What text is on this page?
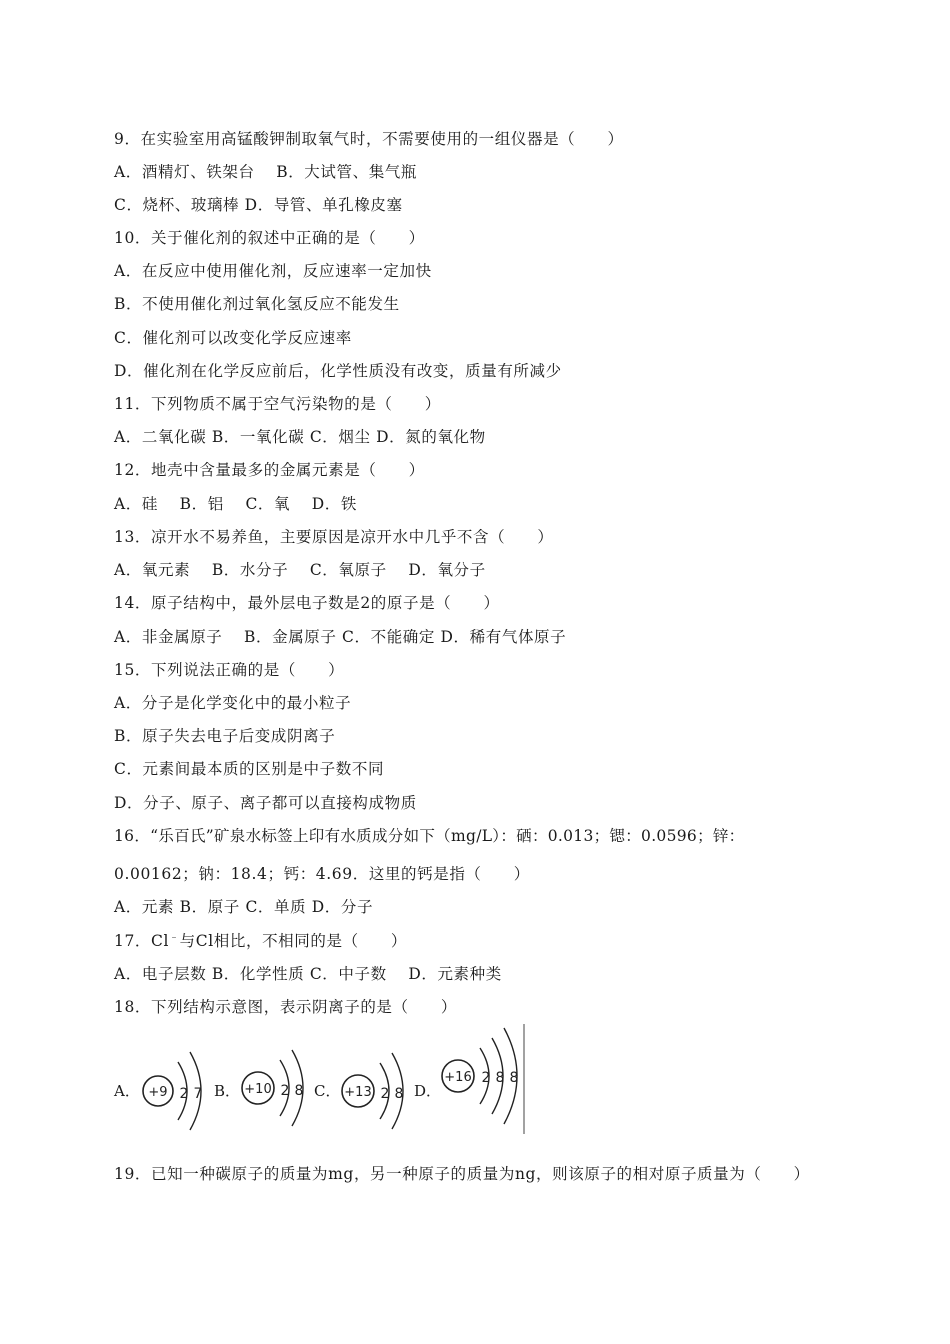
9．在实验室用高锰酸钾制取氧气时，不需要使用的一组仪器是（　　）
A．酒精灯、铁架台　 B．大试管、集气瓶
C．烧杯、玻璃棒 D．导管、单孔橡皮塞
10．关于催化剂的叙述中正确的是（　　）
A．在反应中使用催化剂，反应速率一定加快
B．不使用催化剂过氧化氢反应不能发生
C．催化剂可以改变化学反应速率
D．催化剂在化学反应前后，化学性质没有改变，质量有所减少
11．下列物质不属于空气污染物的是（　　）
A．二氧化碳 B．一氧化碳 C．烟尘 D．氮的氧化物
12．地壳中含量最多的金属元素是（　　）
A．硅　 B．铝　 C．氧　 D．铁
13．凉开水不易养鱼，主要原因是凉开水中几乎不含（　　）
A．氧元素　 B．水分子　 C．氧原子　 D．氧分子
14．原子结构中，最外层电子数是2的原子是（　　）
A．非金属原子　 B．金属原子 C．不能确定 D．稀有气体原子
15．下列说法正确的是（　　）
A．分子是化学变化中的最小粒子
B．原子失去电子后变成阴离子
C．元素间最本质的区别是中子数不同
D．分子、原子、离子都可以直接构成物质
16．“乐百氏”矿泉水标签上印有水质成分如下（mg/L）：硒：0.013；锶：0.0596；锌：
0.00162；钠：18.4；钙：4.69．这里的钙是指（　　）
A．元素 B．原子 C．单质 D．分子
17．Cl﹣与Cl相比，不相同的是（　　）
A．电子层数 B．化学性质 C．中子数　 D．元素种类
18．下列结构示意图，表示阴离子的是（　　）
A． +9 2 7 B． +10 2 8 C． +13 2 8 D．
+16 2 8 8
19．已知一种碳原子的质量为mg，另一种原子的质量为ng，则该原子的相对原子质量为（　　）
